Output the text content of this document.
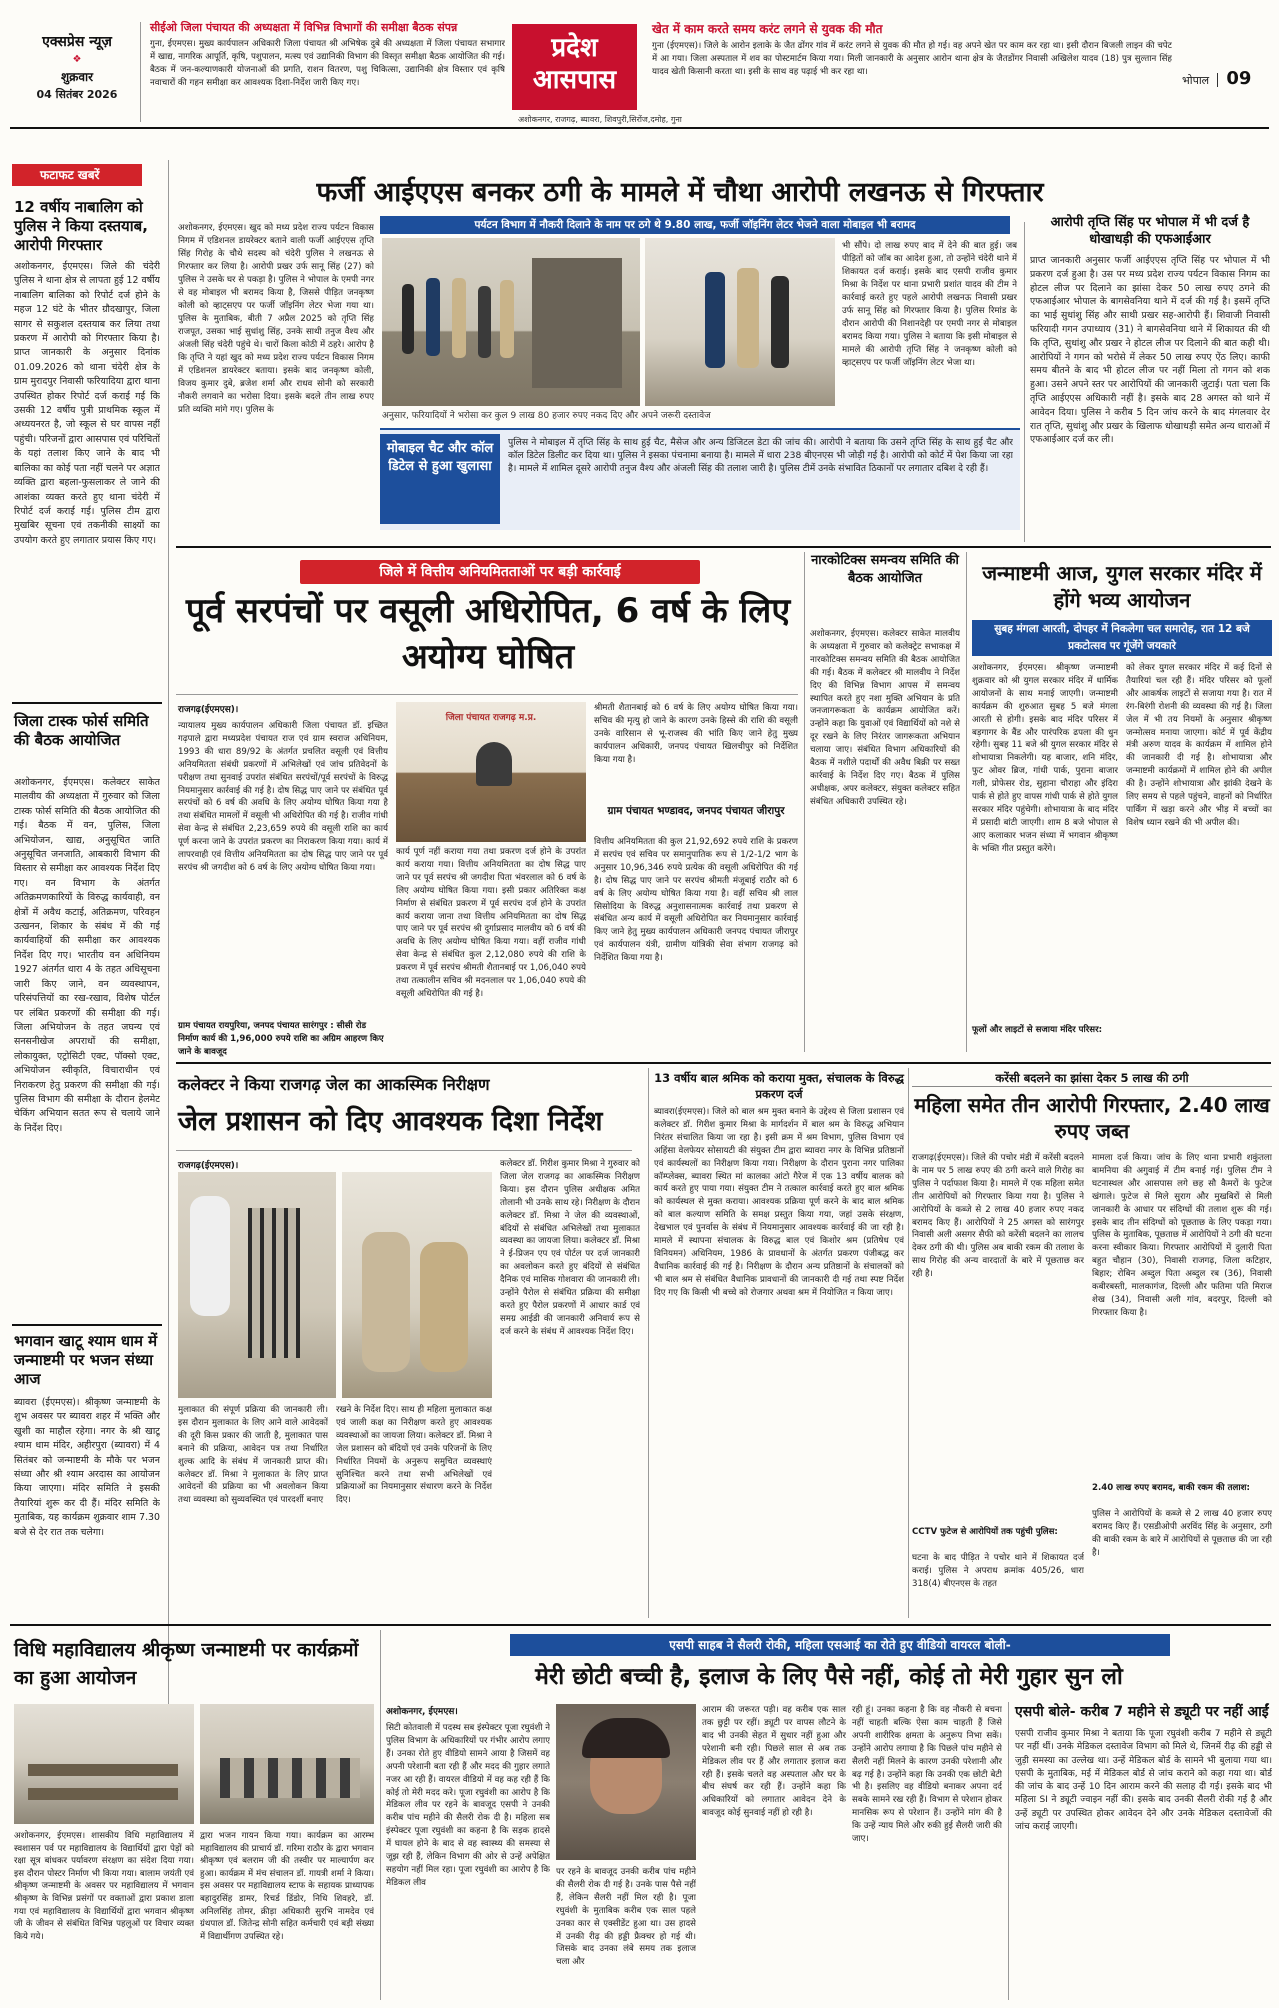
एक्सप्रेस न्यूज़
❖
शुक्रवार
04 सितंबर 2026
सीईओ जिला पंचायत की अध्यक्षता में विभिन्न विभागों की समीक्षा बैठक संपन्न
गुना, ईएमएस। मुख्य कार्यपालन अधिकारी जिला पंचायत श्री अभिषेक दुबे की अध्यक्षता में जिला पंचायत सभागार में खाद्य, नागरिक आपूर्ति, कृषि, पशुपालन, मत्स्य एवं उद्यानिकी विभाग की विस्तृत समीक्षा बैठक आयोजित की गई। बैठक में जन-कल्याणकारी योजनाओं की प्रगति, राशन वितरण, पशु चिकित्सा, उद्यानिकी क्षेत्र विस्तार एवं कृषि नवाचारों की गहन समीक्षा कर आवश्यक दिशा-निर्देश जारी किए गए।
प्रदेश
आसपास
अशोकनगर, राजगढ़, ब्यावरा, शिवपुरी,सिरोंज,दमोह, गुना
खेत में काम करते समय करंट लगने से युवक की मौत
गुना (ईएमएस)। जिले के आरोन इलाके के जैत ढोंगर गांव में करंट लगने से युवक की मौत हो गई। वह अपने खेत पर काम कर रहा था। इसी दौरान बिजली लाइन की चपेट में आ गया। जिला अस्पताल में शव का पोस्टमार्टम किया गया। मिली जानकारी के अनुसार आरोन थाना क्षेत्र के जैतडोंगर निवासी अखिलेश यादव (18) पुत्र सुल्तान सिंह यादव खेती किसानी करता था। इसी के साथ वह पढ़ाई भी कर रहा था।
भोपाल 09
फटाफट खबरें
12 वर्षीय नाबालिग को पुलिस ने किया दस्तयाब, आरोपी गिरफ्तार
अशोकनगर, ईएमएस। जिले की चंदेरी पुलिस ने थाना क्षेत्र से लापता हुई 12 वर्षीय नाबालिग बालिका को रिपोर्ट दर्ज होने के महज 12 घंटे के भीतर ग्रौदखापुर, जिला सागर से सकुशल दस्तयाब कर लिया तथा प्रकरण में आरोपी को गिरफ्तार किया है। प्राप्त जानकारी के अनुसार दिनांक 01.09.2026 को थाना चंदेरी क्षेत्र के ग्राम मुरादपुर निवासी फरियादिया द्वारा थाना उपस्थित होकर रिपोर्ट दर्ज कराई गई कि उसकी 12 वर्षीय पुत्री प्राथमिक स्कूल में अध्ययनरत है, जो स्कूल से घर वापस नहीं पहुंची। परिजनों द्वारा आसपास एवं परिचितों के यहां तलाश किए जाने के बाद भी बालिका का कोई पता नहीं चलने पर अज्ञात व्यक्ति द्वारा बहला-फुसलाकर ले जाने की आशंका व्यक्त करते हुए थाना चंदेरी में रिपोर्ट दर्ज कराई गई। पुलिस टीम द्वारा मुखबिर सूचना एवं तकनीकी साक्ष्यों का उपयोग करते हुए लगातार प्रयास किए गए।
जिला टास्क फोर्स समिति की बैठक आयोजित
अशोकनगर, ईएमएस। कलेक्टर साकेत मालवीय की अध्यक्षता में गुरुवार को जिला टास्क फोर्स समिति की बैठक आयोजित की गई। बैठक में वन, पुलिस, जिला अभियोजन, खाद्य, अनुसूचित जाति अनुसूचित जनजाति, आबकारी विभाग की विस्तार से समीक्षा कर आवश्यक निर्देश दिए गए। वन विभाग के अंतर्गत अतिक्रमणकारियों के विरुद्ध कार्यवाही, वन क्षेत्रों में अवैध कटाई, अतिक्रमण, परिवहन उत्खनन, शिकार के संबंध में की गई कार्यवाहियों की समीक्षा कर आवश्यक निर्देश दिए गए। भारतीय वन अधिनियम 1927 अंतर्गत धारा 4 के तहत अधिसूचना जारी किए जाने, वन व्यवस्थापन, परिसंपत्तियों का रख-रखाव, विशेष पोर्टल पर लंबित प्रकरणों की समीक्षा की गई। जिला अभियोजन के तहत जघन्य एवं सनसनीखेज अपराधों की समीक्षा, लोकायुक्त, एट्रोसिटी एक्ट, पॉक्सो एक्ट, अभियोजन स्वीकृति, विचाराधीन एवं निराकरण हेतु प्रकरण की समीक्षा की गई। पुलिस विभाग की समीक्षा के दौरान हेलमेट चेकिंग अभियान सतत रूप से चलाये जाने के निर्देश दिए।
भगवान खाटू श्याम धाम में जन्माष्टमी पर भजन संध्या आज
ब्यावरा (ईएमएस)। श्रीकृष्ण जन्माष्टमी के शुभ अवसर पर ब्यावरा शहर में भक्ति और खुशी का माहौल रहेगा। नगर के श्री खाटू श्याम धाम मंदिर, अहीरपुरा (ब्यावरा) में 4 सितंबर को जन्माष्टमी के मौके पर भजन संध्या और श्री श्याम अरदास का आयोजन किया जाएगा। मंदिर समिति ने इसकी तैयारियां शुरू कर दी हैं। मंदिर समिति के मुताबिक, यह कार्यक्रम शुक्रवार शाम 7.30 बजे से देर रात तक चलेगा।
फर्जी आईएएस बनकर ठगी के मामले में चौथा आरोपी लखनऊ से गिरफ्तार
पर्यटन विभाग में नौकरी दिलाने के नाम पर ठगे थे 9.80 लाख, फर्जी जॉइनिंग लेटर भेजने वाला मोबाइल भी बरामद
अशोकनगर, ईएमएस। खुद को मध्य प्रदेश राज्य पर्यटन विकास निगम में एडिशनल डायरेक्टर बताने वाली फर्जी आईएएस तृप्ति सिंह गिरोह के चौथे सदस्य को चंदेरी पुलिस ने लखनऊ से गिरफ्तार कर लिया है। आरोपी प्रखर उर्फ सानू सिंह (27) को पुलिस ने उसके घर से पकड़ा है। पुलिस ने भोपाल के एमपी नगर से वह मोबाइल भी बरामद किया है, जिससे पीड़ित जनकृष्ण कोली को व्हाट्सएप पर फर्जी जॉइनिंग लेटर भेजा गया था। पुलिस के मुताबिक, बीती 7 अप्रैल 2025 को तृप्ति सिंह राजपूत, उसका भाई सुधांशु सिंह, उनके साथी तनुज वैश्य और अंजली सिंह चंदेरी पहुंचे थे। चारों किला कोठी में ठहरे। आरोप है कि तृप्ति ने यहां खुद को मध्य प्रदेश राज्य पर्यटन विकास निगम में एडिशनल डायरेक्टर बताया। इसके बाद जनकृष्ण कोली, विजय कुमार दुबे, ब्रजेश शर्मा और राधव सोनी को सरकारी नौकरी लगवाने का भरोसा दिया। इसके बदले तीन लाख रुपए प्रति व्यक्ति मांगे गए। पुलिस के
अनुसार, फरियादियों ने भरोसा कर कुल 9 लाख 80 हजार रुपए नकद दिए और अपने जरूरी दस्तावेज
भी सौंपे। दो लाख रुपए बाद में देने की बात हुई। जब पीड़ितों को जॉब का आदेश हुआ, तो उन्होंने चंदेरी थाने में शिकायत दर्ज कराई। इसके बाद एसपी राजीव कुमार मिश्रा के निर्देश पर थाना प्रभारी प्रशांत यादव की टीम ने कार्रवाई करते हुए पहले आरोपी लखनऊ निवासी प्रखर उर्फ सानू सिंह को गिरफ्तार किया है। पुलिस रिमांड के दौरान आरोपी की निशानदेही पर एमपी नगर से मोबाइल बरामद किया गया। पुलिस ने बताया कि इसी मोबाइल से मामले की आरोपी तृप्ति सिंह ने जनकृष्ण कोली को व्हाट्सएप पर फर्जी जॉइनिंग लेटर भेजा था।
मोबाइल चैट और कॉल डिटेल से हुआ खुलासा
पुलिस ने मोबाइल में तृप्ति सिंह के साथ हुई चैट, मैसेज और अन्य डिजिटल डेटा की जांच की। आरोपी ने बताया कि उसने तृप्ति सिंह के साथ हुई चैट और कॉल डिटेल डिलीट कर दिया था। पुलिस ने इसका पंचनामा बनाया है। मामले में धारा 238 बीएनएस भी जोड़ी गई है। आरोपी को कोर्ट में पेश किया जा रहा है। मामले में शामिल दूसरे आरोपी तनुज वैश्य और अंजली सिंह की तलाश जारी है। पुलिस टीमें उनके संभावित ठिकानों पर लगातार दबिश दे रही हैं।
आरोपी तृप्ति सिंह पर भोपाल में भी दर्ज है धोखाधड़ी की एफआईआर
प्राप्त जानकारी अनुसार फर्जी आईएएस तृप्ति सिंह पर भोपाल में भी प्रकरण दर्ज हुआ है। उस पर मध्य प्रदेश राज्य पर्यटन विकास निगम का होटल लीज पर दिलाने का झांसा देकर 50 लाख रुपए ठगने की एफआईआर भोपाल के बागसेवनिया थाने में दर्ज की गई है। इसमें तृप्ति का भाई सुधांशु सिंह और साथी प्रखर सह-आरोपी हैं। शिवाजी निवासी फरियादी गगन उपाध्याय (31) ने बागसेवनिया थाने में शिकायत की थी कि तृप्ति, सुधांशु और प्रखर ने होटल लीज पर दिलाने की बात कही थी। आरोपियों ने गगन को भरोसे में लेकर 50 लाख रुपए ऐंठ लिए। काफी समय बीतने के बाद भी होटल लीज पर नहीं मिला तो गगन को शक हुआ। उसने अपने स्तर पर आरोपियों की जानकारी जुटाई। पता चला कि तृप्ति आईएएस अधिकारी नहीं है। इसके बाद 28 अगस्त को थाने में आवेदन दिया। पुलिस ने करीब 5 दिन जांच करने के बाद मंगलवार देर रात तृप्ति, सुधांशु और प्रखर के खिलाफ धोखाधड़ी समेत अन्य धाराओं में एफआईआर दर्ज कर ली।
जिले में वित्तीय अनियमितताओं पर बड़ी कार्रवाई
पूर्व सरपंचों पर वसूली अधिरोपित, 6 वर्ष के लिए अयोग्य घोषित
राजगढ़(ईएमएस)।
न्यायालय मुख्य कार्यपालन अधिकारी जिला पंचायत डॉ. इच्छित गढ़पाले द्वारा मध्यप्रदेश पंचायत राज एवं ग्राम स्वराज अधिनियम, 1993 की धारा 89/92 के अंतर्गत प्रचलित वसूली एवं वित्तीय अनियमितता संबंधी प्रकरणों में अभिलेखों एवं जांच प्रतिवेदनों के परीक्षण तथा सुनवाई उपरांत संबंधित सरपंचों/पूर्व सरपंचों के विरुद्ध नियमानुसार कार्रवाई की गई है। दोष सिद्ध पाए जाने पर संबंधित पूर्व सरपंचों को 6 वर्ष की अवधि के लिए अयोग्य घोषित किया गया है तथा संबंधित मामलों में वसूली भी अधिरोपित की गई है। राजीव गांधी सेवा केन्द्र से संबंधित 2,23,659 रुपये की वसूली राशि का कार्य पूर्ण करना जाने के उपरांत प्रकरण का निराकरण किया गया। कार्य में लापरवाही एवं वित्तीय अनियमितता का दोष सिद्ध पाए जाने पर पूर्व सरपंच श्री जगदीश को 6 वर्ष के लिए अयोग्य घोषित किया गया।
ग्राम पंचायत रायपुरिया, जनपद पंचायत सारंगपुर : सीसी रोड निर्माण कार्य की 1,96,000 रुपये राशि का अग्रिम आहरण किए जाने के बावजूद
जिला पंचायत राजगढ़ म.प्र.
कार्य पूर्ण नहीं कराया गया तथा प्रकरण दर्ज होने के उपरांत कार्य कराया गया। वित्तीय अनियमितता का दोष सिद्ध पाए जाने पर पूर्व सरपंच श्री जगदीश पिता भंवरलाल को 6 वर्ष के लिए अयोग्य घोषित किया गया। इसी प्रकार अतिरिक्त कक्ष निर्माण से संबंधित प्रकरण में पूर्व सरपंच दर्ज होने के उपरांत कार्य कराया जाना तथा वित्तीय अनियमितता का दोष सिद्ध पाए जाने पर पूर्व सरपंच श्री दुर्गाप्रसाद मालवीय को 6 वर्ष की अवधि के लिए अयोग्य घोषित किया गया। वहीं राजीव गांधी सेवा केन्द्र से संबंधित कुल 2,12,080 रुपये की राशि के प्रकरण में पूर्व सरपंच श्रीमती शैतानबाई पर 1,06,040 रुपये तथा तत्कालीन सचिव श्री मदनलाल पर 1,06,040 रुपये की वसूली अधिरोपित की गई है।
श्रीमती शैतानबाई को 6 वर्ष के लिए अयोग्य घोषित किया गया। सचिव की मृत्यु हो जाने के कारण उनके हिस्से की राशि की वसूली उनके वारिसान से भू-राजस्व की भांति किए जाने हेतु मुख्य कार्यपालन अधिकारी, जनपद पंचायत खिलचीपुर को निर्देशित किया गया है।
ग्राम पंचायत भण्डावद, जनपद पंचायत जीरापुर
वित्तीय अनियमितता की कुल 21,92,692 रुपये राशि के प्रकरण में सरपंच एवं सचिव पर समानुपातिक रूप से 1/2-1/2 भाग के अनुसार 10,96,346 रुपये प्रत्येक की वसूली अधिरोपित की गई है। दोष सिद्ध पाए जाने पर सरपंच श्रीमती मंजूबाई राठौर को 6 वर्ष के लिए अयोग्य घोषित किया गया है। वहीं सचिव श्री लाल सिसोदिया के विरुद्ध अनुशासनात्मक कार्रवाई तथा प्रकरण से संबंधित अन्य कार्य में वसूली अधिरोपित कर नियमानुसार कार्रवाई किए जाने हेतु मुख्य कार्यपालन अधिकारी जनपद पंचायत जीरापुर एवं कार्यपालन यंत्री, ग्रामीण यांत्रिकी सेवा संभाग राजगढ़ को निर्देशित किया गया है।
नारकोटिक्स समन्वय समिति की बैठक आयोजित
अशोकनगर, ईएमएस। कलेक्टर साकेत मालवीय के अध्यक्षता में गुरुवार को कलेक्ट्रेट सभाकक्ष में नारकोटिक्स समन्वय समिति की बैठक आयोजित की गई। बैठक में कलेक्टर श्री मालवीय ने निर्देश दिए की विभिन्न विभाग आपस में समन्वय स्थापित करते हुए नशा मुक्ति अभियान के प्रति जनजागरूकता के कार्यक्रम आयोजित करें। उन्होंने कहा कि युवाओं एवं विद्यार्थियों को नशे से दूर रखने के लिए निरंतर जागरूकता अभियान चलाया जाए। संबंधित विभाग अधिकारियों की बैठक में नशीले पदार्थों की अवैध बिक्री पर सख्त कार्रवाई के निर्देश दिए गए। बैठक में पुलिस अधीक्षक, अपर कलेक्टर, संयुक्त कलेक्टर सहित संबंधित अधिकारी उपस्थित रहे।
जन्माष्टमी आज, युगल सरकार मंदिर में होंगे भव्य आयोजन
सुबह मंगला आरती, दोपहर में निकलेगा चल समारोह, रात 12 बजे प्रकटोत्सव पर गूंजेंगे जयकारे
अशोकनगर, ईएमएस। श्रीकृष्ण जन्माष्टमी शुक्रवार को श्री युगल सरकार मंदिर में धार्मिक आयोजनों के साथ मनाई जाएगी। जन्माष्टमी कार्यक्रम की शुरुआत सुबह 5 बजे मंगला आरती से होगी। इसके बाद मंदिर परिसर में बड़गागर के बैंड और पारंपरिक ढपला की धुन रहेगी। सुबह 11 बजे श्री युगल सरकार मंदिर से शोभायात्रा निकलेगी। यह बाजार, शनि मंदिर, फुट ओवर ब्रिज, गांधी पार्क, पुराना बाजार गली, प्रोफेसर रोड, सुहाना चौराहा और इंदिरा पार्क से होते हुए वापस गांधी पार्क से होते युगल सरकार मंदिर पहुंचेगी। शोभायात्रा के बाद मंदिर में प्रसादी बांटी जाएगी। शाम 8 बजे भोपाल से आए कलाकार भजन संध्या में भगवान श्रीकृष्ण के भक्ति गीत प्रस्तुत करेंगे।
फूलों और लाइटों से सजाया मंदिर परिसर:
को लेकर युगल सरकार मंदिर में कई दिनों से तैयारियां चल रही हैं। मंदिर परिसर को फूलों और आकर्षक लाइटों से सजाया गया है। रात में रंग-बिरंगी रोशनी की व्यवस्था की गई है। जिला जेल में भी तय नियमों के अनुसार श्रीकृष्ण जन्मोत्सव मनाया जाएगा। कोर्ट में पूर्व केंद्रीय मंत्री अरुण यादव के कार्यक्रम में शामिल होने की जानकारी दी गई है। शोभायात्रा और जन्माष्टमी कार्यक्रमों में शामिल होने की अपील की है। उन्होंने शोभायात्रा और झांकी देखने के लिए समय से पहले पहुंचने, वाहनों को निर्धारित पार्किंग में खड़ा करने और भीड़ में बच्चों का विशेष ध्यान रखने की भी अपील की।
कलेक्टर ने किया राजगढ़ जेल का आकस्मिक निरीक्षण
जेल प्रशासन को दिए आवश्यक दिशा निर्देश
राजगढ़(ईएमएस)।	कलेक्टर डॉ. गिरीश कुमार मिश्रा ने गुरुवार को जिला जेल राजगढ़ का आकस्मिक निरीक्षण किया। इस दौरान पुलिस अधीक्षक अमित तोलानी भी उनके साथ रहे। निरीक्षण के दौरान कलेक्टर डॉ. मिश्रा ने जेल की व्यवस्थाओं, बंदियों से संबंधित अभिलेखों तथा मुलाकात व्यवस्था का जायजा लिया। कलेक्टर डॉ. मिश्रा ने ई-प्रिजन एप एवं पोर्टल पर दर्ज जानकारी का अवलोकन करते हुए बंदियों से संबंधित दैनिक एवं मासिक गोशवारा की जानकारी ली। उन्होंने पैरोल से संबंधित प्रक्रिया की समीक्षा करते हुए पैरोल प्रकरणों में आधार कार्ड एवं समग्र आईडी की जानकारी अनिवार्य रूप से दर्ज करने के संबंध में आवश्यक निर्देश दिए।
मुलाकात की संपूर्ण प्रक्रिया की जानकारी ली। इस दौरान मुलाकात के लिए आने वाले आवेदकों की दूरी किस प्रकार की जाती है, मुलाकात पास बनाने की प्रक्रिया, आवेदन पत्र तथा निर्धारित शुल्क आदि के संबंध में जानकारी प्राप्त की। कलेक्टर डॉ. मिश्रा ने मुलाकात के लिए प्राप्त आवेदनों की प्रक्रिया का भी अवलोकन किया तथा व्यवस्था को सुव्यवस्थित एवं पारदर्शी बनाए
रखने के निर्देश दिए। साथ ही महिला मुलाकात कक्ष एवं जाली कक्ष का निरीक्षण करते हुए आवश्यक व्यवस्थाओं का जायजा लिया। कलेक्टर डॉ. मिश्रा ने जेल प्रशासन को बंदियों एवं उनके परिजनों के लिए निर्धारित नियमों के अनुरूप समुचित व्यवस्थाएं सुनिश्चित करने तथा सभी अभिलेखों एवं प्रक्रियाओं का नियमानुसार संधारण करने के निर्देश दिए।
13 वर्षीय बाल श्रमिक को कराया मुक्त, संचालक के विरुद्ध प्रकरण दर्ज
ब्यावरा(ईएमएस)। जिले को बाल श्रम मुक्त बनाने के उद्देश्य से जिला प्रशासन एवं कलेक्टर डॉ. गिरीश कुमार मिश्रा के मार्गदर्शन में बाल श्रम के विरुद्ध अभियान निरंतर संचालित किया जा रहा है। इसी क्रम में श्रम विभाग, पुलिस विभाग एवं अहिंसा वेलफेयर सोसायटी की संयुक्त टीम द्वारा ब्यावरा नगर के विभिन्न प्रतिष्ठानों एवं कार्यस्थलों का निरीक्षण किया गया। निरीक्षण के दौरान पुराना नगर पालिका कॉम्प्लेक्स, ब्यावरा स्थित मां कालका आंटो गैरेज में एक 13 वर्षीय बालक को कार्य करते हुए पाया गया। संयुक्त टीम ने तत्काल कार्रवाई करते हुए बाल श्रमिक को कार्यस्थल से मुक्त कराया। आवश्यक प्रक्रिया पूर्ण करने के बाद बाल श्रमिक को बाल कल्याण समिति के समक्ष प्रस्तुत किया गया, जहां उसके संरक्षण, देखभाल एवं पुनर्वास के संबंध में नियमानुसार आवश्यक कार्रवाई की जा रही है। मामले में स्थापना संचालक के विरुद्ध बाल एवं किशोर श्रम (प्रतिषेध एवं विनियमन) अधिनियम, 1986 के प्रावधानों के अंतर्गत प्रकरण पंजीबद्ध कर वैधानिक कार्रवाई की गई है। निरीक्षण के दौरान अन्य प्रतिष्ठानों के संचालकों को भी बाल श्रम से संबंधित वैधानिक प्रावधानों की जानकारी दी गई तथा स्पष्ट निर्देश दिए गए कि किसी भी बच्चे को रोजगार अथवा श्रम में नियोजित न किया जाए।
करेंसी बदलने का झांसा देकर 5 लाख की ठगी
महिला समेत तीन आरोपी गिरफ्तार, 2.40 लाख रुपए जब्त
राजगढ़(ईएमएस)। जिले की पचोर मंडी में करेंसी बदलने के नाम पर 5 लाख रुपए की ठगी करने वाले गिरोह का पुलिस ने पर्दाफाश किया है। मामले में एक महिला समेत तीन आरोपियों को गिरफ्तार किया गया है। पुलिस ने आरोपियों के कब्जे से 2 लाख 40 हजार रुपए नकद बरामद किए हैं। आरोपियों ने 25 अगस्त को सारंगपुर निवासी अली असगर सैफी को करेंसी बदलने का लालच देकर ठगी की थी। पुलिस अब बाकी रकम की तलाश के साथ गिरोह की अन्य वारदातों के बारे में पूछताछ कर रही है।
CCTV फुटेज से आरोपियों तक पहुंची पुलिस:
घटना के बाद पीड़ित ने पचोर थाने में शिकायत दर्ज कराई। पुलिस ने अपराध क्रमांक 405/26, धारा 318(4) बीएनएस के तहत
मामला दर्ज किया। जांच के लिए थाना प्रभारी शकुंतला बामनिया की अगुवाई में टीम बनाई गई। पुलिस टीम ने घटनास्थल और आसपास लगे छह सौ कैमरों के फुटेज खंगाले। फुटेज से मिले सुराग और मुखबिरों से मिली जानकारी के आधार पर संदिग्धों की तलाश शुरू की गई। इसके बाद तीन संदिग्धों को पूछताछ के लिए पकड़ा गया। पुलिस के मुताबिक, पूछताछ में आरोपियों ने ठगी की घटना करना स्वीकार किया। गिरफ्तार आरोपियों में दुलारी पिता बहुत चौहान (30), निवासी राजगढ़, जिला कटिहार, बिहार; रोबिन अब्दुल पिता अब्दुल रब (36), निवासी कबीरबस्ती, मालकागंज, दिल्ली और फतिमा पति मिराज शेख (34), निवासी अली गांव, बदरपुर, दिल्ली को गिरफ्तार किया है।
2.40 लाख रुपए बरामद, बाकी रकम की तलाश:
पुलिस ने आरोपियों के कब्जे से 2 लाख 40 हजार रुपए बरामद किए हैं। एसडीओपी अरविंद सिंह के अनुसार, ठगी की बाकी रकम के बारे में आरोपियों से पूछताछ की जा रही है।
विधि महाविद्यालय श्रीकृष्ण जन्माष्टमी पर कार्यक्रमों का हुआ आयोजन
अशोकनगर, ईएमएस। शासकीय विधि महाविद्यालय में स्वशासन पर्व पर महाविद्यालय के विद्यार्थियों द्वारा पेड़ों को रक्षा सूत्र बांधकर पर्यावरण संरक्षण का संदेश दिया गया। इस दौरान पोस्टर निर्माण भी किया गया। बालाम जयंती एवं श्रीकृष्ण जन्माष्टमी के अवसर पर महाविद्यालय में भगवान श्रीकृष्ण के विभिन्न प्रसंगों पर वक्ताओं द्वारा प्रकाश डाला गया एवं महाविद्यालय के विद्यार्थियों द्वारा भगवान श्रीकृष्ण जी के जीवन से संबंधित विभिन्न पहलुओं पर विचार व्यक्त किये गये।
द्वारा भजन गायन किया गया। कार्यक्रम का आरम्भ महाविद्यालय की प्राचार्य डॉ. गरिमा राठौर के द्वारा भगवान श्रीकृष्ण एवं बलराम जी की तस्वीर पर माल्यार्पण कर हुआ। कार्यक्रम में मंच संचालन डॉ. गायत्री शर्मा ने किया। इस अवसर पर महाविद्यालय स्टाफ के सहायक प्राध्यापक बहादुरसिंह डामर, रिचर्ड डिंडोर, निधि शिवहरे, डॉ. अनिलसिंह तोमर, क्रीड़ा अधिकारी सुरभि नामदेव एवं ग्रंथपाल डॉ. जितेन्द्र सोनी सहित कर्मचारी एवं बड़ी संख्या में विद्यार्थीगण उपस्थित रहे।
एसपी साहब ने सैलरी रोकी, महिला एसआई का रोते हुए वीडियो वायरल बोली-
मेरी छोटी बच्ची है, इलाज के लिए पैसे नहीं, कोई तो मेरी गुहार सुन लो
अशोकनगर, ईएमएस।
सिटी कोतवाली में पदस्थ सब इंस्पेक्टर पूजा रघुवंशी ने पुलिस विभाग के अधिकारियों पर गंभीर आरोप लगाए हैं। उनका रोते हुए वीडियो सामने आया है जिसमें वह अपनी परेशानी बता रही हैं और मदद की गुहार लगाते नजर आ रही हैं। वायरल वीडियो में वह कह रही हैं कि कोई तो मेरी मदद करे। पूजा रघुवंशी का आरोप है कि मेडिकल लीव पर रहने के बावजूद एसपी ने उनकी करीब पांच महीने की सैलरी रोक दी है। महिला सब इंस्पेक्टर पूजा रघुवंशी का कहना है कि सड़क हादसे में घायल होने के बाद से वह स्वास्थ्य की समस्या से जूझ रही हैं, लेकिन विभाग की ओर से उन्हें अपेक्षित सहयोग नहीं मिल रहा। पूजा रघुवंशी का आरोप है कि मेडिकल लीव
पर रहने के बावजूद उनकी करीब पांच महीने की सैलरी रोक दी गई है। उनके पास पैसे नहीं हैं, लेकिन सैलरी नहीं मिल रही है। पूजा रघुवंशी के मुताबिक करीब एक साल पहले उनका कार से एक्सीडेंट हुआ था। उस हादसे में उनकी रीढ़ की हड्डी फ्रैक्चर हो गई थी। जिसके बाद उनका लंबे समय तक इलाज चला और
आराम की जरूरत पड़ी। वह करीब एक साल तक छुट्टी पर रहीं। ड्यूटी पर वापस लौटने के बाद भी उनकी सेहत में सुधार नहीं हुआ और परेशानी बनी रही। पिछले साल से अब तक मेडिकल लीव पर हैं और लगातार इलाज करा रही हैं। इसके चलते वह अस्पताल और घर के बीच संघर्ष कर रही हैं। उन्होंने कहा कि अधिकारियों को लगातार आवेदन देने के बावजूद कोई सुनवाई नहीं हो रही है।
रही हूं। उनका कहना है कि वह नौकरी से बचना नहीं चाहती बल्कि ऐसा काम चाहती हैं जिसे अपनी शारीरिक क्षमता के अनुरूप निभा सकें। उन्होंने आरोप लगाया है कि पिछले पांच महीने से सैलरी नहीं मिलने के कारण उनकी परेशानी और बढ़ गई है। उन्होंने कहा कि उनकी एक छोटी बेटी भी है। इसलिए वह वीडियो बनाकर अपना दर्द सबके सामने रख रही हैं। विभाग से परेशान होकर मानसिक रूप से परेशान हैं। उन्होंने मांग की है कि उन्हें न्याय मिले और रुकी हुई सैलरी जारी की जाए।
एसपी बोले- करीब 7 महीने से ड्यूटी पर नहीं आईं
एसपी राजीव कुमार मिश्रा ने बताया कि पूजा रघुवंशी करीब 7 महीने से ड्यूटी पर नहीं थीं। उनके मेडिकल दस्तावेज विभाग को मिले थे, जिनमें रीढ़ की हड्डी से जुड़ी समस्या का उल्लेख था। उन्हें मेडिकल बोर्ड के सामने भी बुलाया गया था। एसपी के मुताबिक, मई में मेडिकल बोर्ड से जांच कराने को कहा गया था। बोर्ड की जांच के बाद उन्हें 10 दिन आराम करने की सलाह दी गई। इसके बाद भी महिला SI ने ड्यूटी ज्वाइन नहीं की। इसके बाद उनकी सैलरी रोकी गई है और उन्हें ड्यूटी पर उपस्थित होकर आवेदन देने और उनके मेडिकल दस्तावेजों की जांच कराई जाएगी।
